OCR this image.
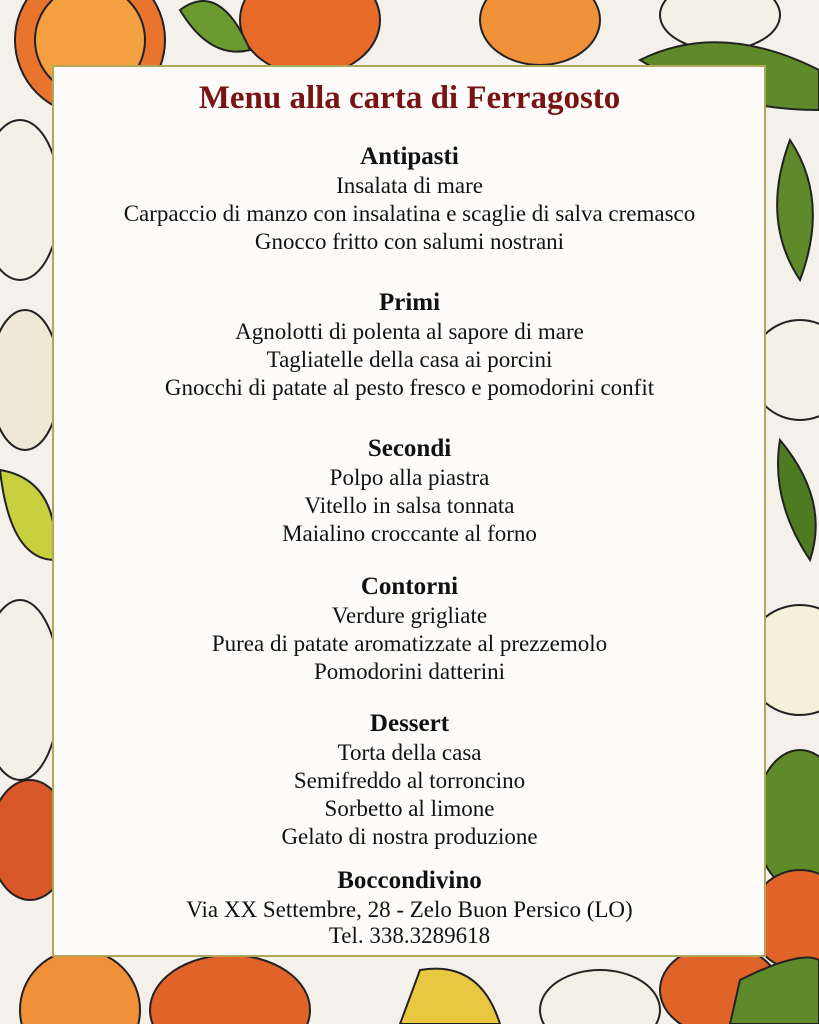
Menu alla carta di Ferragosto
Antipasti
Insalata di mare
Carpaccio di manzo con insalatina e scaglie di salva cremasco
Gnocco fritto con salumi nostrani
Primi
Agnolotti di polenta al sapore di mare
Tagliatelle della casa ai porcini
Gnocchi di patate al pesto fresco e pomodorini confit
Secondi
Polpo alla piastra
Vitello in salsa tonnata
Maialino croccante al forno
Contorni
Verdure grigliate
Purea di patate aromatizzate al prezzemolo
Pomodorini datterini
Dessert
Torta della casa
Semifreddo al torroncino
Sorbetto al limone
Gelato di nostra produzione
Boccondivino
Via XX Settembre, 28 - Zelo Buon Persico (LO)
Tel. 338.3289618
